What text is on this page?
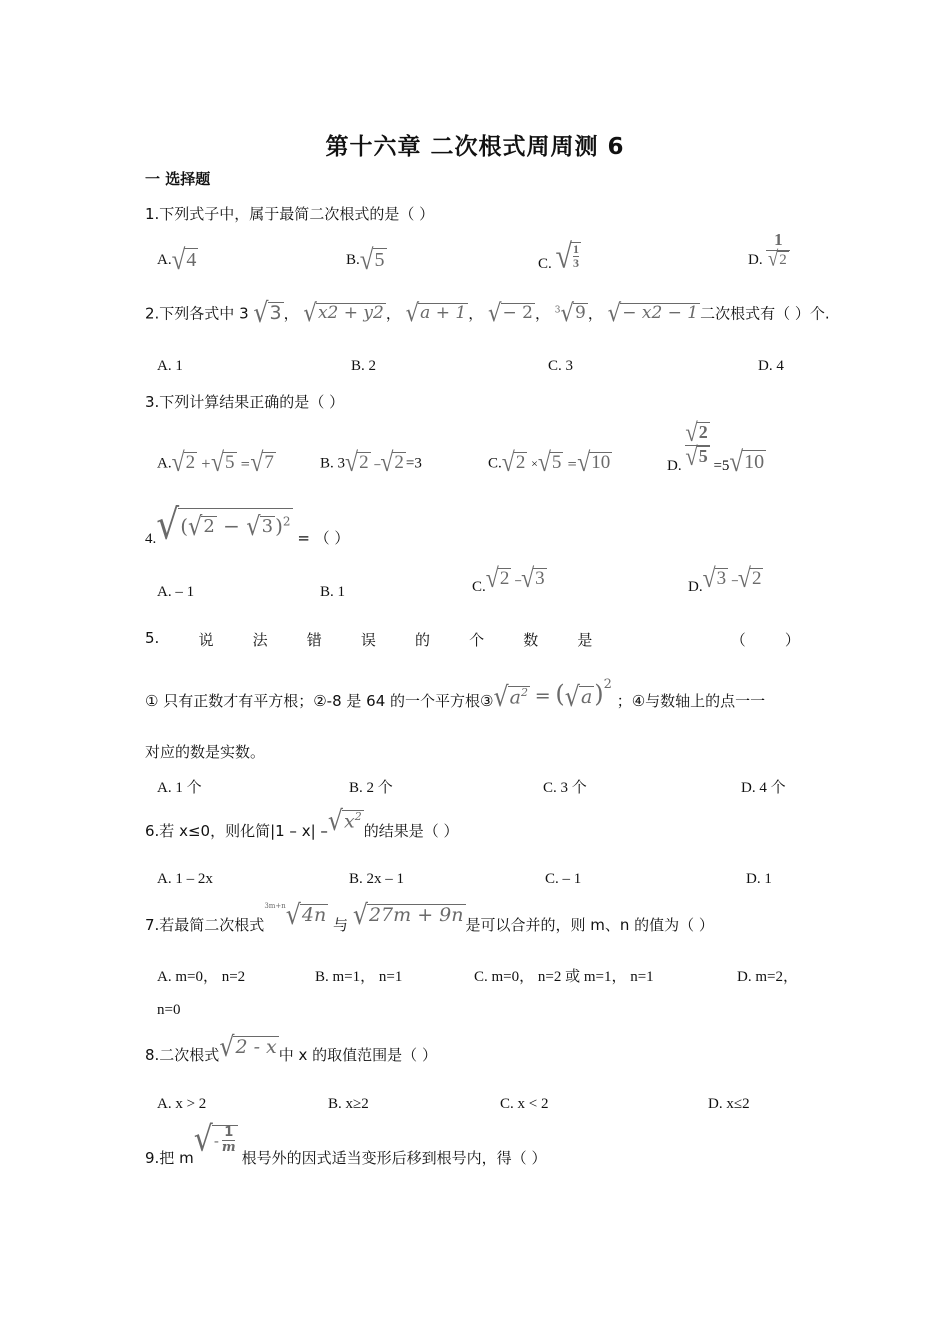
第十六章 二次根式周周测 6
一 选择题
1.下列式子中，属于最简二次根式的是（ ）
A. √ 4	B. √ 5	C. √ 1
3	D. $\frac{1}{√ 2}$
2.下列各式中 3 √ 3 ， √ x2 + y2 ， √ a + 1 ， √ − 2 ， $^3$ √ 9 ， √ − x2 − 1 二次根式有（ ）个.
A. 1	B. 2	C. 3	D. 4
3.下列计算结果正确的是（ ）
A. √ 2 + √ 5 = √ 7	B. 3 √ 2 – √ 2 =3	C. √ 2 × √ 5 = √ 10	D. $\frac{√ 2}{√ 5} =5$ √ 10
4. √ ( √ 2 − √ 3 )$^2$
= （ ）
A. – 1	B. 1	C. √ 2 – √ 3	D. √ 3 – √ 2
5.	说	法	错	误	的	个	数	是	（	）
① 只有正数才有平方根；②-8 是 64 的一个平方根③ √ $a^2$ = ( √ a )$^2$ ；④与数轴上的点一一
对应的数是实数。
A. 1 个	B. 2 个	C. 3 个	D. 4 个
6.若 x≤0，则化简|1 – x| – √ $x^2$
的结果是（ ）
A. 1 – 2x	B. 2x – 1	C. – 1	D. 1
7.若最简二次根式$^{3m+n}$ √ 4n 与 √ 27m + 9n 是可以合并的，则 m、n 的值为（ ）
A. m=0， n=2	B. m=1， n=1	C. m=0， n=2 或 m=1， n=1	D. m=2，
n=0
8.二次根式 √ 2 - x 中 x 的取值范围是（ ）
A. x > 2	B. x≥2	C. x < 2	D. x≤2
9.把 m √ - 1
m
根号外的因式适当变形后移到根号内，得（ ）
